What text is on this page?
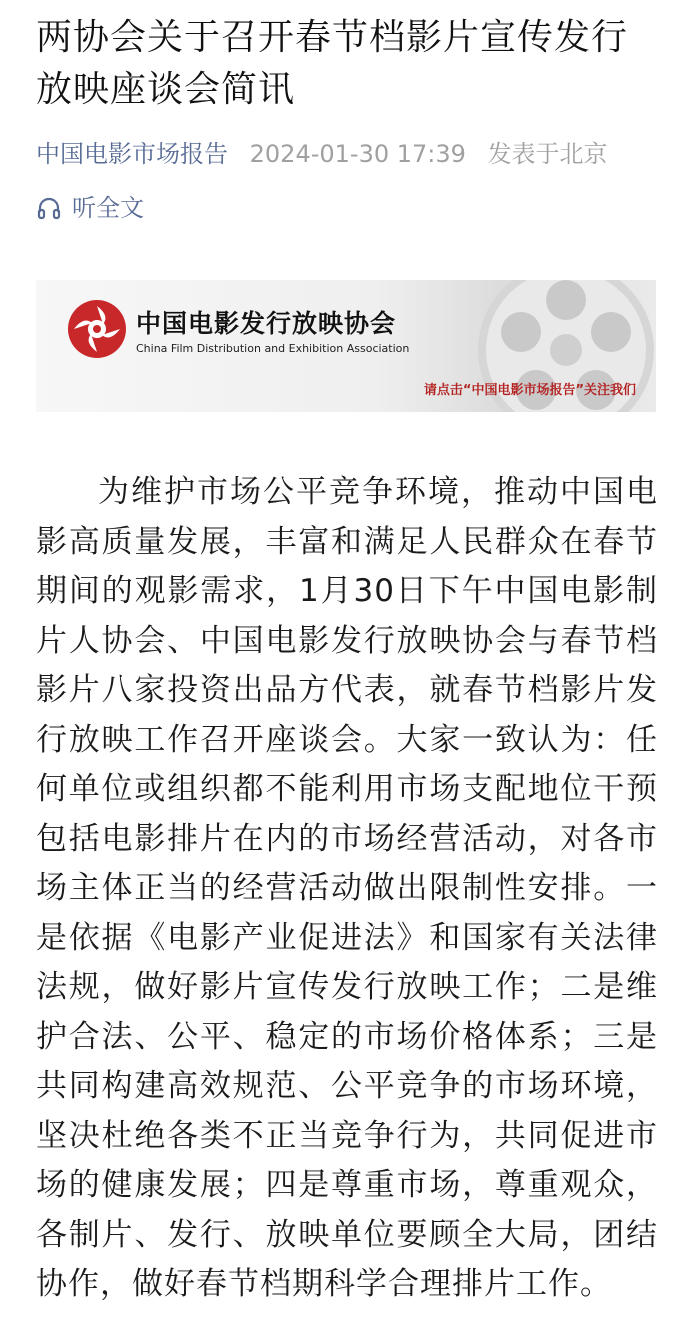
两协会关于召开春节档影片宣传发行放映座谈会简讯
中国电影市场报告 2024-01-30 17:39 发表于北京
听全文
中国电影发行放映协会
China Film Distribution and Exhibition Association
请点击“中国电影市场报告”关注我们
为维护市场公平竞争环境，推动中国电影高质量发展，丰富和满足人民群众在春节期间的观影需求，1月30日下午中国电影制片人协会、中国电影发行放映协会与春节档影片八家投资出品方代表，就春节档影片发行放映工作召开座谈会。大家一致认为：任何单位或组织都不能利用市场支配地位干预包括电影排片在内的市场经营活动，对各市场主体正当的经营活动做出限制性安排。一是依据《电影产业促进法》和国家有关法律法规，做好影片宣传发行放映工作；二是维护合法、公平、稳定的市场价格体系；三是共同构建高效规范、公平竞争的市场环境，坚决杜绝各类不正当竞争行为，共同促进市场的健康发展；四是尊重市场，尊重观众，各制片、发行、放映单位要顾全大局，团结协作，做好春节档期科学合理排片工作。
